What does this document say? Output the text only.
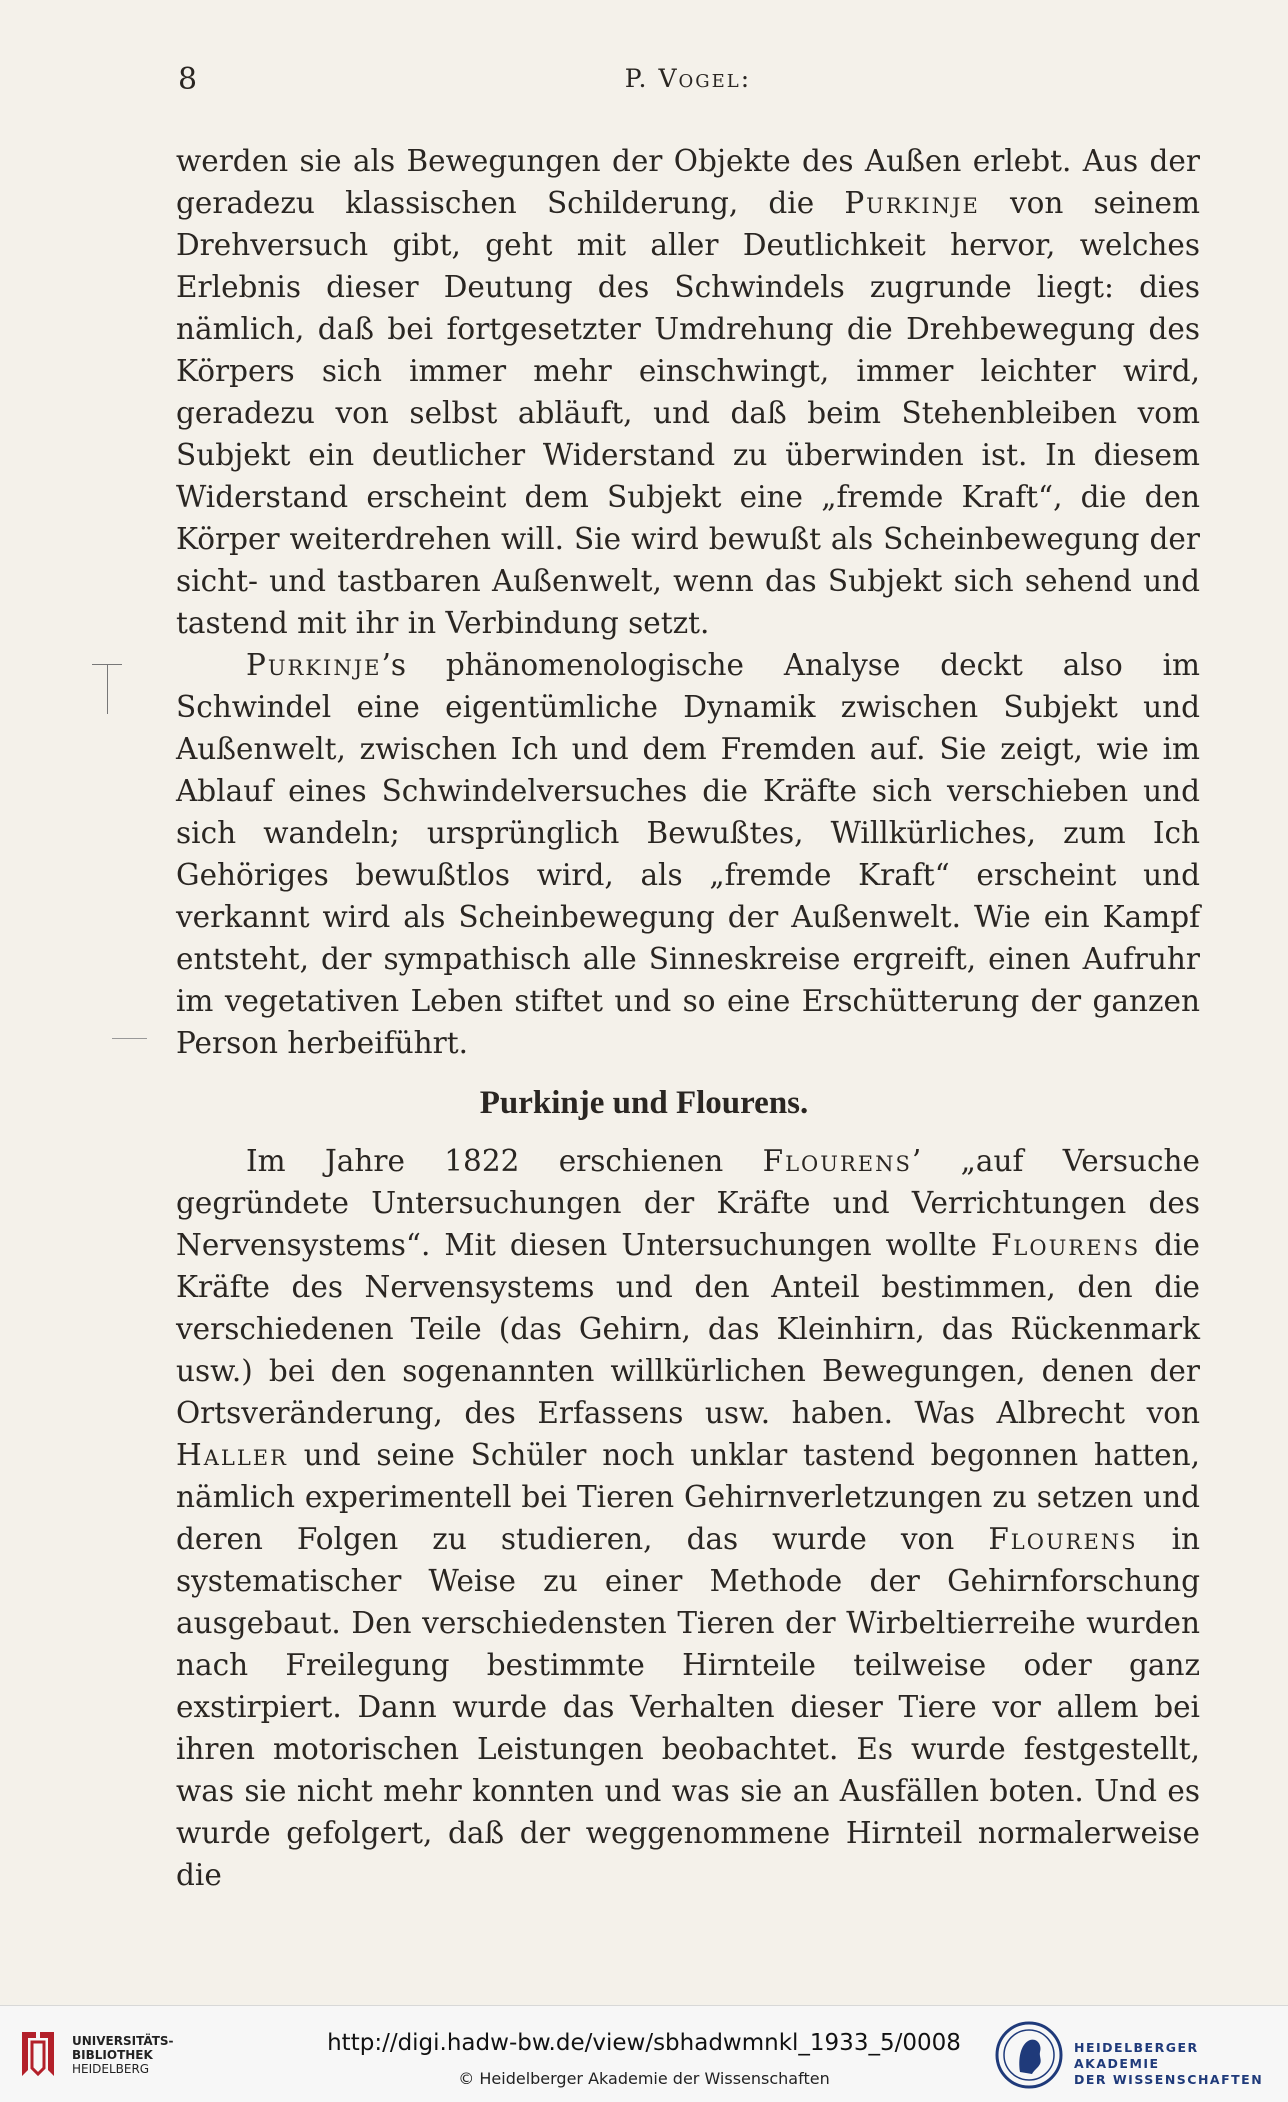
8	P. Vogel:

werden sie als Bewegungen der Objekte des Außen erlebt. Aus der geradezu klassischen Schilderung, die Purkinje von seinem Drehversuch gibt, geht mit aller Deutlichkeit hervor, welches Erlebnis dieser Deutung des Schwindels zugrunde liegt: dies nämlich, daß bei fortgesetzter Umdrehung die Drehbewegung des Körpers sich immer mehr einschwingt, immer leichter wird, geradezu von selbst abläuft, und daß beim Stehenbleiben vom Subjekt ein deutlicher Widerstand zu überwinden ist. In diesem Widerstand erscheint dem Subjekt eine „fremde Kraft“, die den Körper weiterdrehen will. Sie wird bewußt als Scheinbewegung der sicht- und tastbaren Außenwelt, wenn das Subjekt sich sehend und tastend mit ihr in Verbindung setzt.

Purkinje’s phänomenologische Analyse deckt also im Schwindel eine eigentümliche Dynamik zwischen Subjekt und Außenwelt, zwischen Ich und dem Fremden auf. Sie zeigt, wie im Ablauf eines Schwindelversuches die Kräfte sich verschieben und sich wandeln; ursprünglich Bewußtes, Willkürliches, zum Ich Gehöriges bewußtlos wird, als „fremde Kraft“ erscheint und verkannt wird als Scheinbewegung der Außenwelt. Wie ein Kampf entsteht, der sympathisch alle Sinneskreise ergreift, einen Aufruhr im vegetativen Leben stiftet und so eine Erschütterung der ganzen Person herbeiführt.

Purkinje und Flourens.

Im Jahre 1822 erschienen Flourens’ „auf Versuche gegründete Untersuchungen der Kräfte und Verrichtungen des Nervensystems“. Mit diesen Untersuchungen wollte Flourens die Kräfte des Nervensystems und den Anteil bestimmen, den die verschiedenen Teile (das Gehirn, das Kleinhirn, das Rückenmark usw.) bei den sogenannten willkürlichen Bewegungen, denen der Ortsveränderung, des Erfassens usw. haben. Was Albrecht von Haller und seine Schüler noch unklar tastend begonnen hatten, nämlich experimentell bei Tieren Gehirnverletzungen zu setzen und deren Folgen zu studieren, das wurde von Flourens in systematischer Weise zu einer Methode der Gehirnforschung ausgebaut. Den verschiedensten Tieren der Wirbeltierreihe wurden nach Freilegung bestimmte Hirnteile teilweise oder ganz exstirpiert. Dann wurde das Verhalten dieser Tiere vor allem bei ihren motorischen Leistungen beobachtet. Es wurde festgestellt, was sie nicht mehr konnten und was sie an Ausfällen boten. Und es wurde gefolgert, daß der weggenommene Hirnteil normalerweise die

UNIVERSITÄTS-
BIBLIOTHEK
HEIDELBERG
http://digi.hadw-bw.de/view/sbhadwmnkl_1933_5/0008
© Heidelberger Akademie der Wissenschaften
HEIDELBERGER AKADEMIE
DER WISSENSCHAFTEN
